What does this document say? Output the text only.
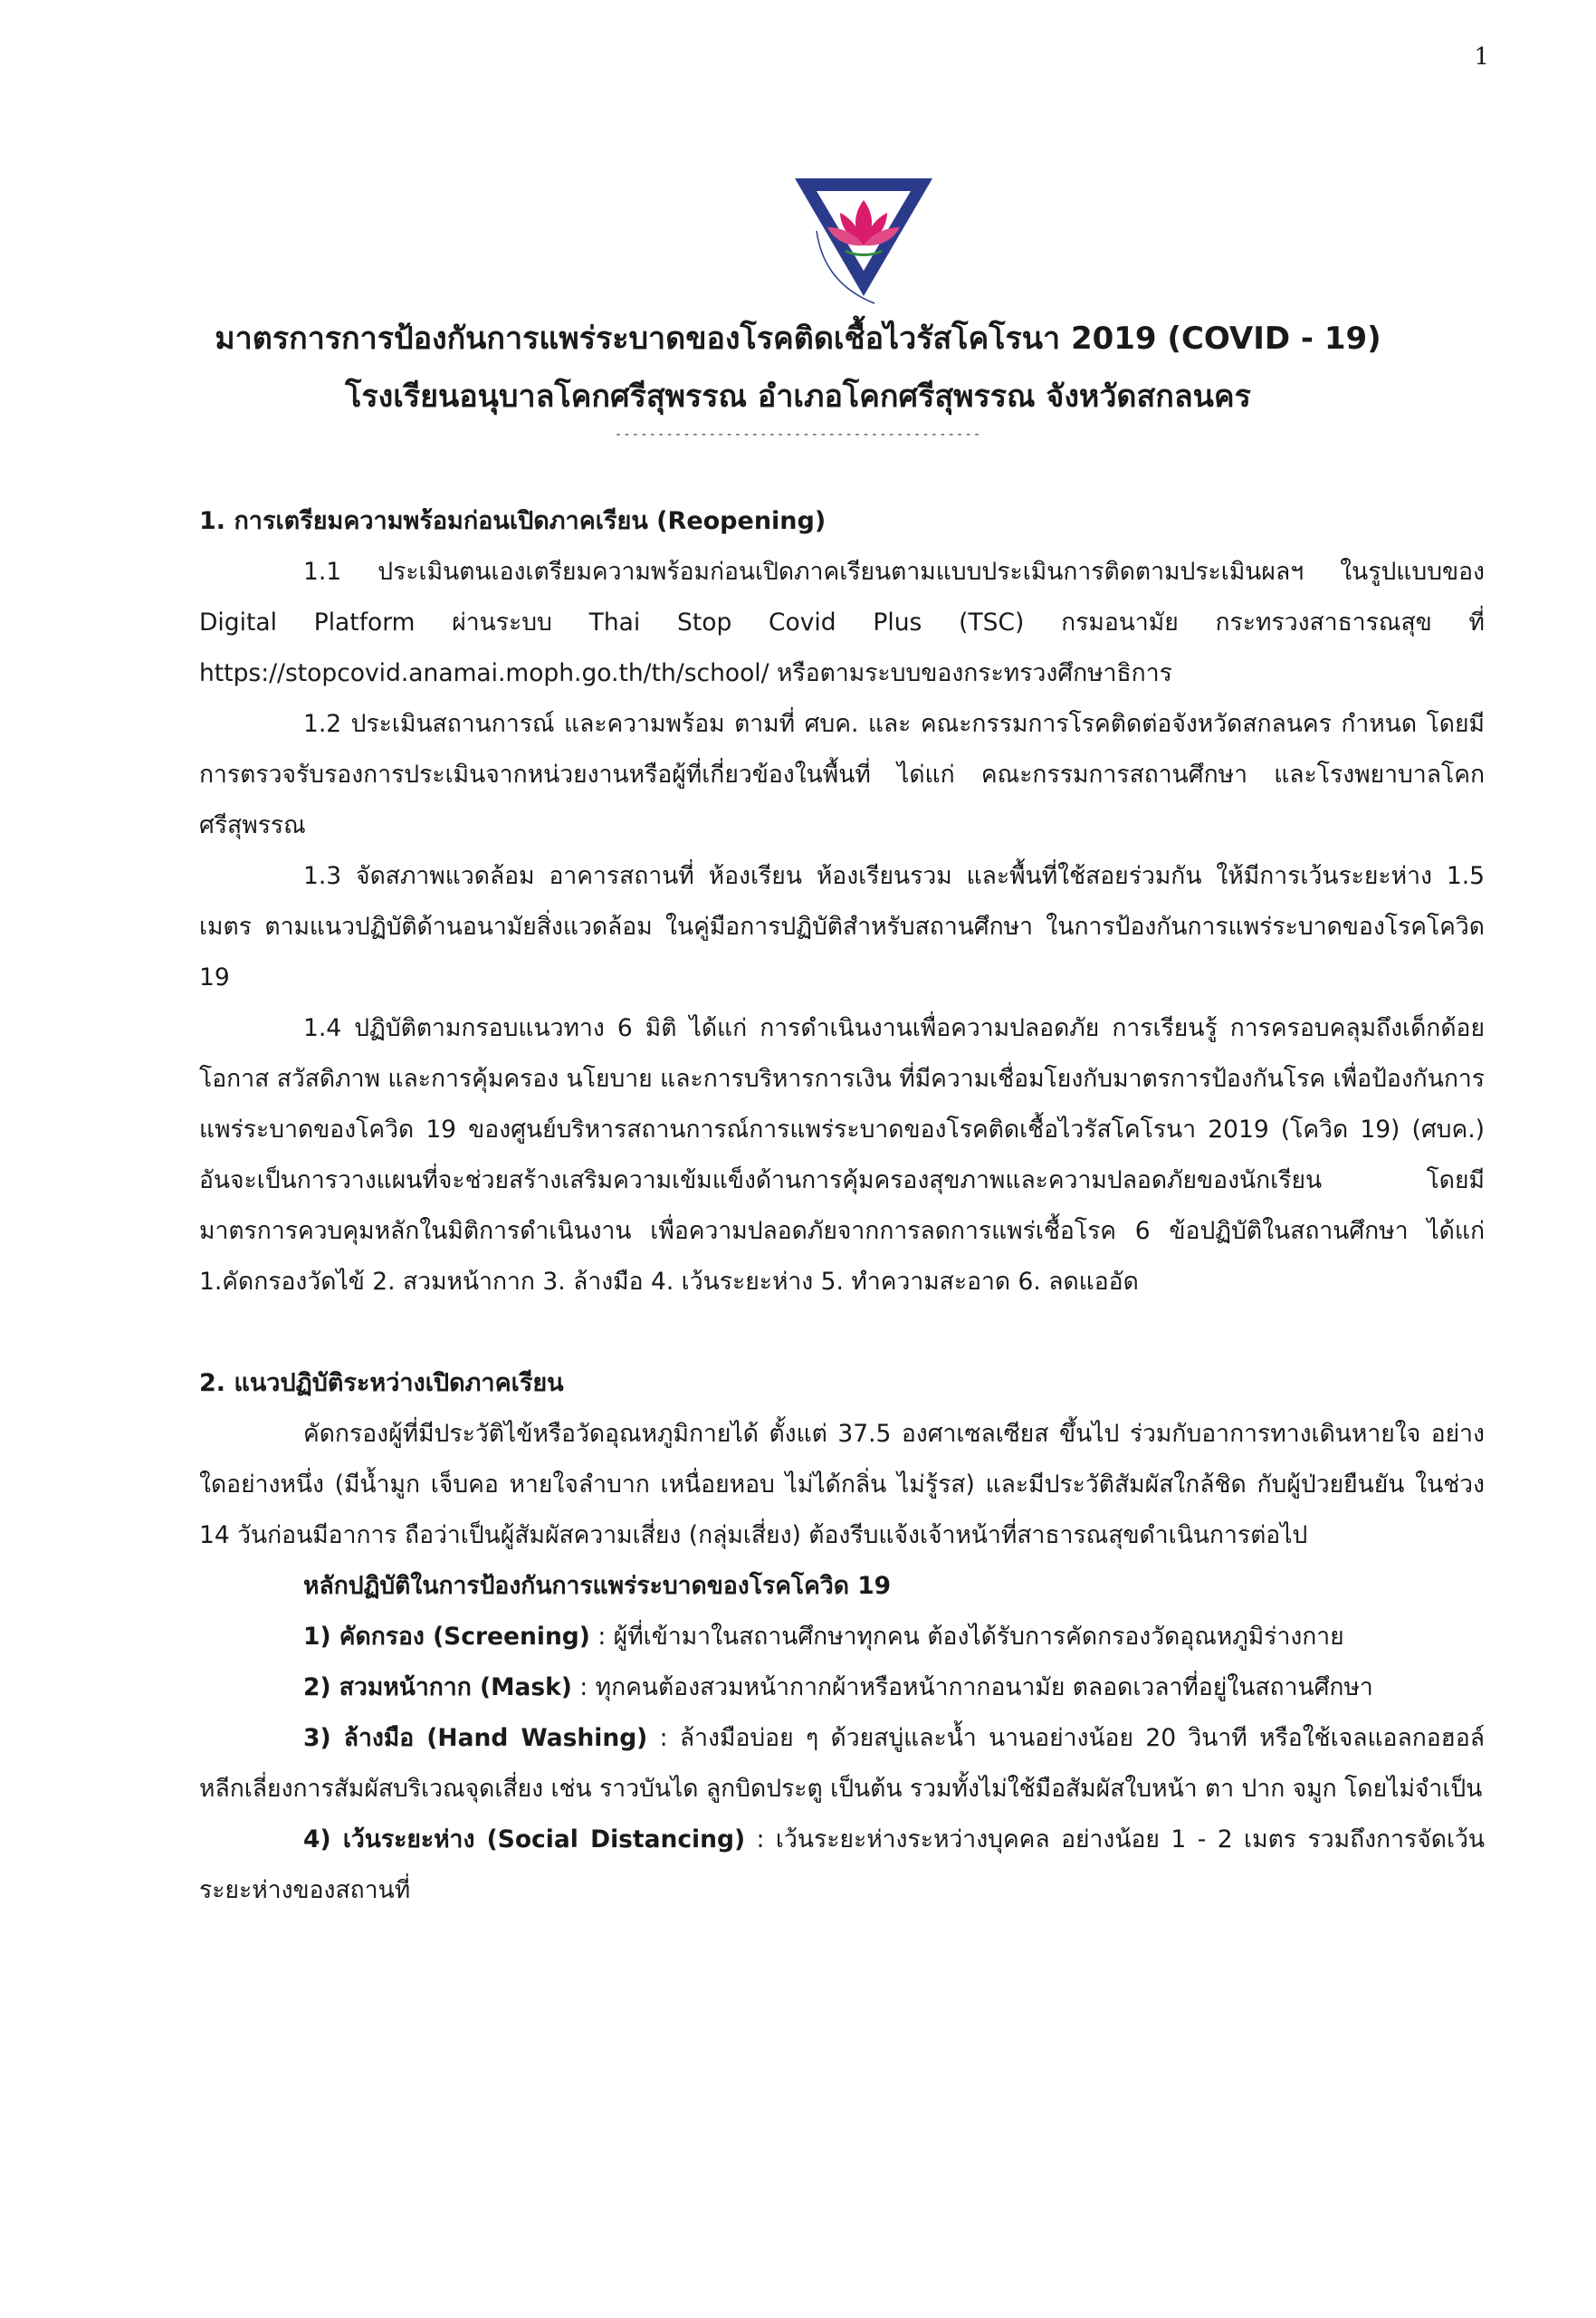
1
มาตรการการป้องกันการแพร่ระบาดของโรคติดเชื้อไวรัสโคโรนา 2019 (COVID - 19)
โรงเรียนอนุบาลโคกศรีสุพรรณ อำเภอโคกศรีสุพรรณ จังหวัดสกลนคร
-------------------------------------------

1. การเตรียมความพร้อมก่อนเปิดภาคเรียน (Reopening)

1.1 ประเมินตนเองเตรียมความพร้อมก่อนเปิดภาคเรียนตามแบบประเมินการติดตามประเมินผลฯ ในรูปแบบของ Digital Platform ผ่านระบบ Thai Stop Covid Plus (TSC) กรมอนามัย กระทรวงสาธารณสุข ที่ https://stopcovid.anamai.moph.go.th/th/school/ หรือตามระบบของกระทรวงศึกษาธิการ

1.2 ประเมินสถานการณ์ และความพร้อม ตามที่ ศบค. และ คณะกรรมการโรคติดต่อจังหวัดสกลนคร กำหนด โดยมีการตรวจรับรองการประเมินจากหน่วยงานหรือผู้ที่เกี่ยวข้องในพื้นที่ ได่แก่ คณะกรรมการสถานศึกษา และโรงพยาบาลโคกศรีสุพรรณ

1.3 จัดสภาพแวดล้อม อาคารสถานที่ ห้องเรียน ห้องเรียนรวม และพื้นที่ใช้สอยร่วมกัน ให้มีการเว้นระยะห่าง 1.5 เมตร ตามแนวปฏิบัติด้านอนามัยสิ่งแวดล้อม ในคู่มือการปฏิบัติสำหรับสถานศึกษา ในการป้องกันการแพร่ระบาดของโรคโควิด 19

1.4 ปฏิบัติตามกรอบแนวทาง 6 มิติ ได้แก่ การดำเนินงานเพื่อความปลอดภัย การเรียนรู้ การครอบคลุมถึงเด็กด้อยโอกาส สวัสดิภาพ และการคุ้มครอง นโยบาย และการบริหารการเงิน ที่มีความเชื่อมโยงกับมาตรการป้องกันโรค เพื่อป้องกันการแพร่ระบาดของโควิด 19 ของศูนย์บริหารสถานการณ์การแพร่ระบาดของโรคติดเชื้อไวรัสโคโรนา 2019 (โควิด 19) (ศบค.) อันจะเป็นการวางแผนที่จะช่วยสร้างเสริมความเข้มแข็งด้านการคุ้มครองสุขภาพและความปลอดภัยของนักเรียน โดยมีมาตรการควบคุมหลักในมิติการดำเนินงาน เพื่อความปลอดภัยจากการลดการแพร่เชื้อโรค 6 ข้อปฏิบัติในสถานศึกษา ได้แก่ 1.คัดกรองวัดไข้ 2. สวมหน้ากาก 3. ล้างมือ 4. เว้นระยะห่าง 5. ทำความสะอาด 6. ลดแออัด

2. แนวปฏิบัติระหว่างเปิดภาคเรียน

คัดกรองผู้ที่มีประวัติไข้หรือวัดอุณหภูมิกายได้ ตั้งแต่ 37.5 องศาเซลเซียส ขึ้นไป ร่วมกับอาการทางเดินหายใจ อย่างใดอย่างหนึ่ง (มีน้ำมูก เจ็บคอ หายใจลำบาก เหนื่อยหอบ ไม่ได้กลิ่น ไม่รู้รส) และมีประวัติสัมผัสใกล้ชิด กับผู้ป่วยยืนยัน ในช่วง 14 วันก่อนมีอาการ ถือว่าเป็นผู้สัมผัสความเสี่ยง (กลุ่มเสี่ยง) ต้องรีบแจ้งเจ้าหน้าที่สาธารณสุขดำเนินการต่อไป

หลักปฏิบัติในการป้องกันการแพร่ระบาดของโรคโควิด 19

1) คัดกรอง (Screening) : ผู้ที่เข้ามาในสถานศึกษาทุกคน ต้องได้รับการคัดกรองวัดอุณหภูมิร่างกาย

2) สวมหน้ากาก (Mask) : ทุกคนต้องสวมหน้ากากผ้าหรือหน้ากากอนามัย ตลอดเวลาที่อยู่ในสถานศึกษา

3) ล้างมือ (Hand Washing) : ล้างมือบ่อย ๆ ด้วยสบู่และน้ำ นานอย่างน้อย 20 วินาที หรือใช้เจลแอลกอฮอล์ หลีกเลี่ยงการสัมผัสบริเวณจุดเสี่ยง เช่น ราวบันได ลูกบิดประตู เป็นต้น รวมทั้งไม่ใช้มือสัมผัสใบหน้า ตา ปาก จมูก โดยไม่จำเป็น

4) เว้นระยะห่าง (Social Distancing) : เว้นระยะห่างระหว่างบุคคล อย่างน้อย 1 - 2 เมตร รวมถึงการจัดเว้นระยะห่างของสถานที่
